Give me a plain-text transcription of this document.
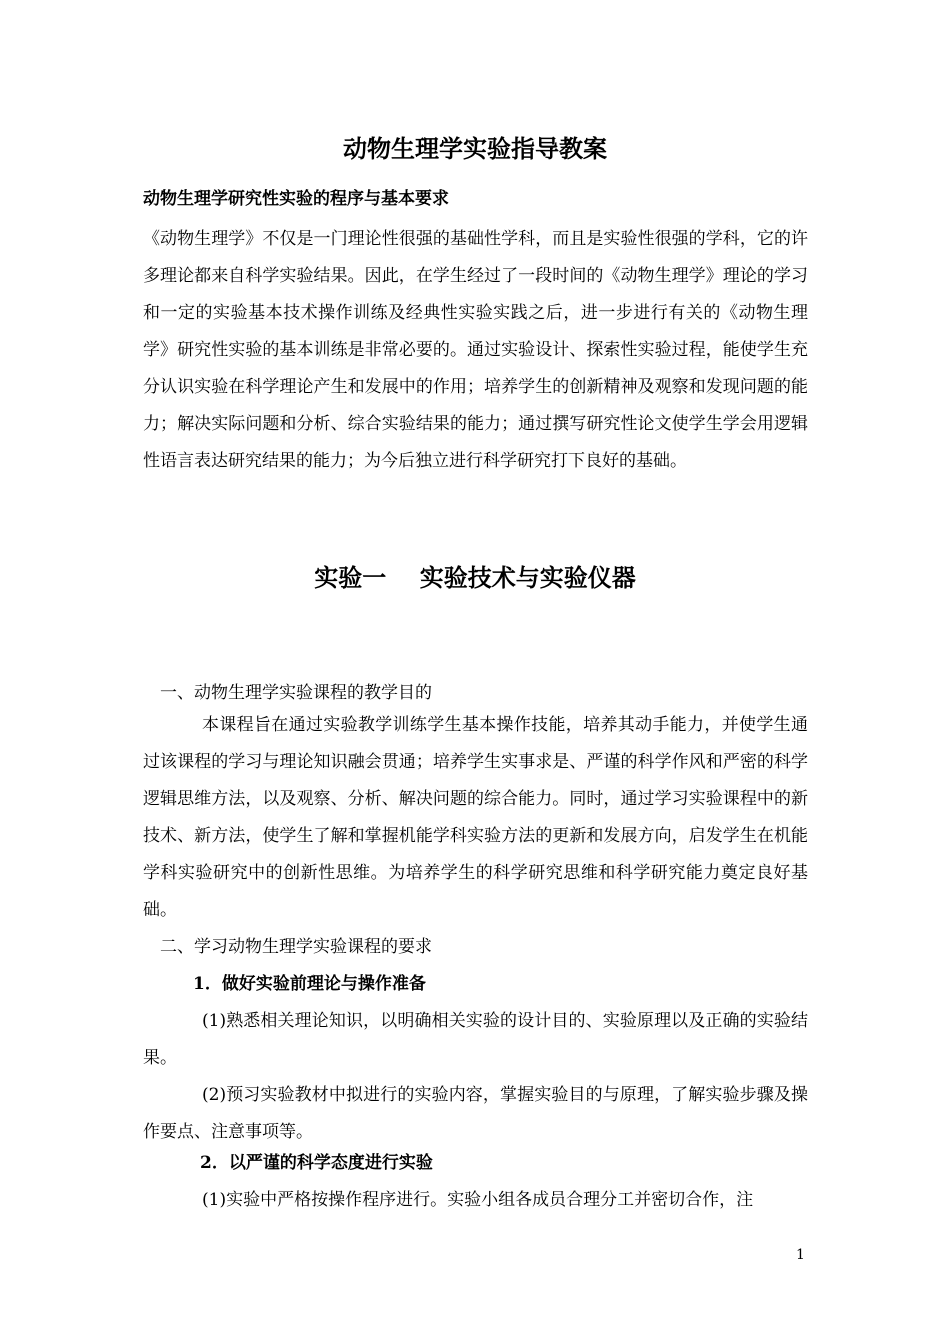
动物生理学实验指导教案
动物生理学研究性实验的程序与基本要求

《动物生理学》不仅是一门理论性很强的基础性学科，而且是实验性很强的学科，它的许多理论都来自科学实验结果。因此，在学生经过了一段时间的《动物生理学》理论的学习和一定的实验基本技术操作训练及经典性实验实践之后，进一步进行有关的《动物生理学》研究性实验的基本训练是非常必要的。通过实验设计、探索性实验过程，能使学生充分认识实验在科学理论产生和发展中的作用；培养学生的创新精神及观察和发现问题的能力；解决实际问题和分析、综合实验结果的能力；通过撰写研究性论文使学生学会用逻辑性语言表达研究结果的能力；为今后独立进行科学研究打下良好的基础。

实验一    实验技术与实验仪器

一、动物生理学实验课程的教学目的

本课程旨在通过实验教学训练学生基本操作技能，培养其动手能力，并使学生通过该课程的学习与理论知识融会贯通；培养学生实事求是、严谨的科学作风和严密的科学逻辑思维方法，以及观察、分析、解决问题的综合能力。同时，通过学习实验课程中的新技术、新方法，使学生了解和掌握机能学科实验方法的更新和发展方向，启发学生在机能学科实验研究中的创新性思维。为培养学生的科学研究思维和科学研究能力奠定良好基础。

二、学习动物生理学实验课程的要求

1．做好实验前理论与操作准备

(1)熟悉相关理论知识，以明确相关实验的设计目的、实验原理以及正确的实验结果。

(2)预习实验教材中拟进行的实验内容，掌握实验目的与原理，了解实验步骤及操作要点、注意事项等。

2．以严谨的科学态度进行实验

(1)实验中严格按操作程序进行。实验小组各成员合理分工并密切合作，注

1
